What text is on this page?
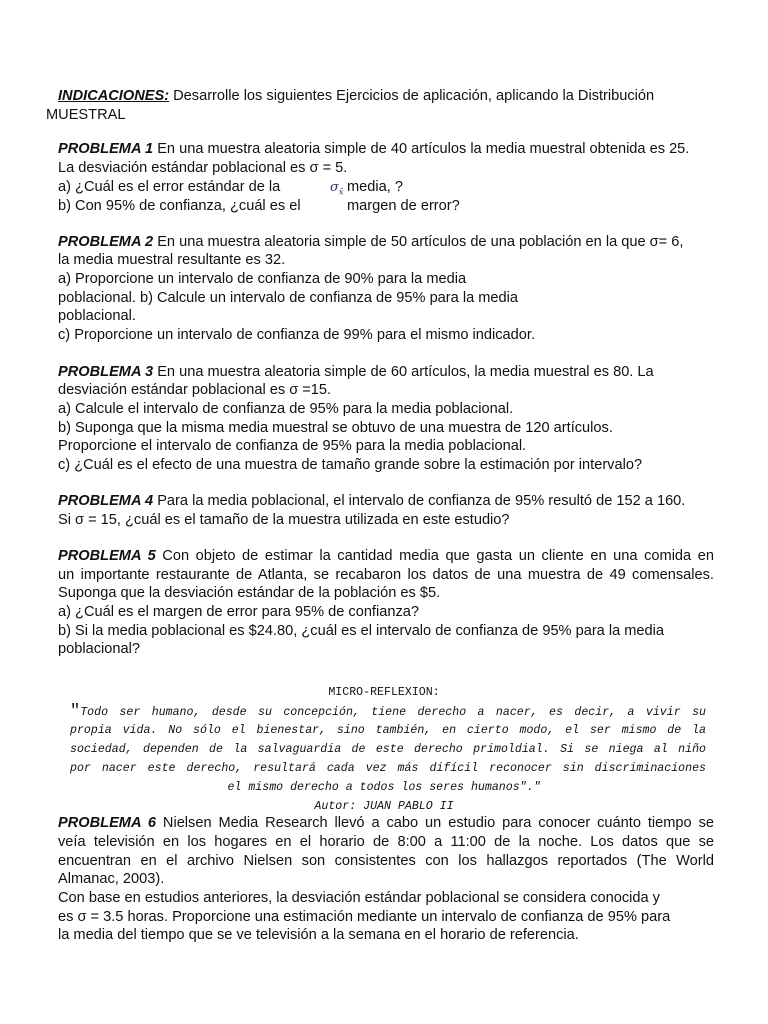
INDICACIONES: Desarrolle los siguientes Ejercicios de aplicación, aplicando la Distribución
MUESTRAL
PROBLEMA 1 En una muestra aleatoria simple de 40 artículos la media muestral obtenida es 25.
La desviación estándar poblacional es σ = 5.
a) ¿Cuál es el error estándar de la	$\sigma_{x̄}$ media, ?
b) Con 95% de confianza, ¿cuál es el	margen de error?
PROBLEMA 2 En una muestra aleatoria simple de 50 artículos de una población en la que σ= 6,
la media muestral resultante es 32.
a) Proporcione un intervalo de confianza de 90% para la media
poblacional. b) Calcule un intervalo de confianza de 95% para la media
poblacional.
c) Proporcione un intervalo de confianza de 99% para el mismo indicador.
PROBLEMA 3 En una muestra aleatoria simple de 60 artículos, la media muestral es 80. La
desviación estándar poblacional es σ =15.
a) Calcule el intervalo de confianza de 95% para la media poblacional.
b) Suponga que la misma media muestral se obtuvo de una muestra de 120 artículos.
Proporcione el intervalo de confianza de 95% para la media poblacional.
c) ¿Cuál es el efecto de una muestra de tamaño grande sobre la estimación por intervalo?
PROBLEMA 4 Para la media poblacional, el intervalo de confianza de 95% resultó de 152 a 160.
Si σ = 15, ¿cuál es el tamaño de la muestra utilizada en este estudio?
PROBLEMA 5 Con objeto de estimar la cantidad media que gasta un cliente en una comida en
un importante restaurante de Atlanta, se recabaron los datos de una muestra de 49 comensales.
Suponga que la desviación estándar de la población es $5.
a) ¿Cuál es el margen de error para 95% de confianza?
b) Si la media poblacional es $24.80, ¿cuál es el intervalo de confianza de 95% para la media
poblacional?
MICRO-REFLEXION:
"Todo ser humano, desde su concepción, tiene derecho a nacer, es decir, a vivir su
propia vida. No sólo el bienestar, sino también, en cierto modo, el ser mismo de la
sociedad, dependen de la salvaguardia de este derecho primoldial. Si se niega al niño
por nacer este derecho, resultará cada vez más difícil reconocer sin discriminaciones
el mismo derecho a todos los seres humanos"."
Autor: JUAN PABLO II
PROBLEMA 6 Nielsen Media Research llevó a cabo un estudio para conocer cuánto tiempo se
veía televisión en los hogares en el horario de 8:00 a 11:00 de la noche. Los datos que se
encuentran en el archivo Nielsen son consistentes con los hallazgos reportados (The World
Almanac, 2003).
Con base en estudios anteriores, la desviación estándar poblacional se considera conocida y
es σ = 3.5 horas. Proporcione una estimación mediante un intervalo de confianza de 95% para
la media del tiempo que se ve televisión a la semana en el horario de referencia.
